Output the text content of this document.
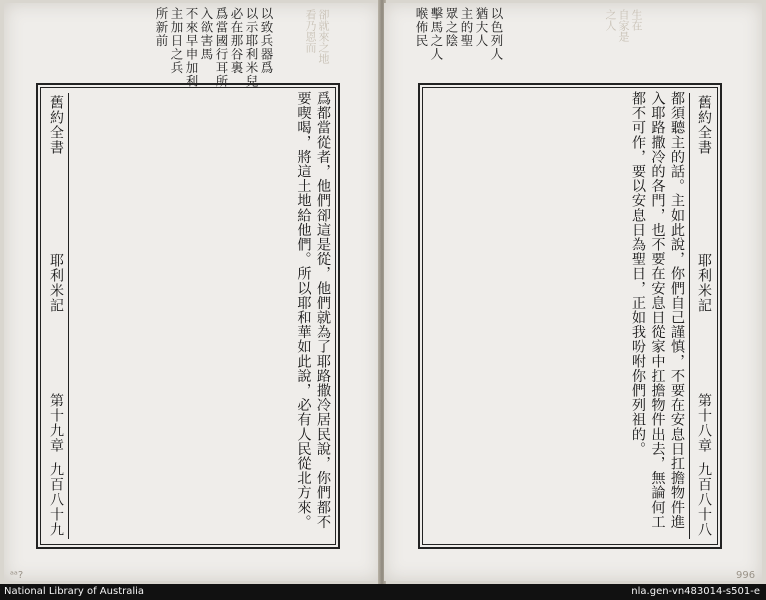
卻就來之地
看乃恩而
以致兵器爲
以示耶利米兒
必在那谷裏
爲當國行耳所
入欲害馬
不來早申加利
主加日之兵
所新前
舊約全書
耶利米記
第十九章
九百八十九	爲都當從者，他們卻這是從，他們就為了耶路撒冷居民說，你們都不要喫喝，將這土地給他們。所以耶和華如此說，必有人民從北方來。

ᵃᵃ?
生在
自家是
之人
以色列人
猶大人
主的聖
眾之陰
擊馬之人
喉佈民

都須聽主的話。主如此說，你們自己謹慎，不要在安息日扛擔物件進入耶路撒冷的各門，也不要在安息日從家中扛擔物件出去，無論何工都不可作，要以安息日為聖日，正如我吩咐你們列祖的。	舊約全書
耶利米記
第十八章
九百八十八
996
National Library of Australia	nla.gen-vn483014-s501-e
